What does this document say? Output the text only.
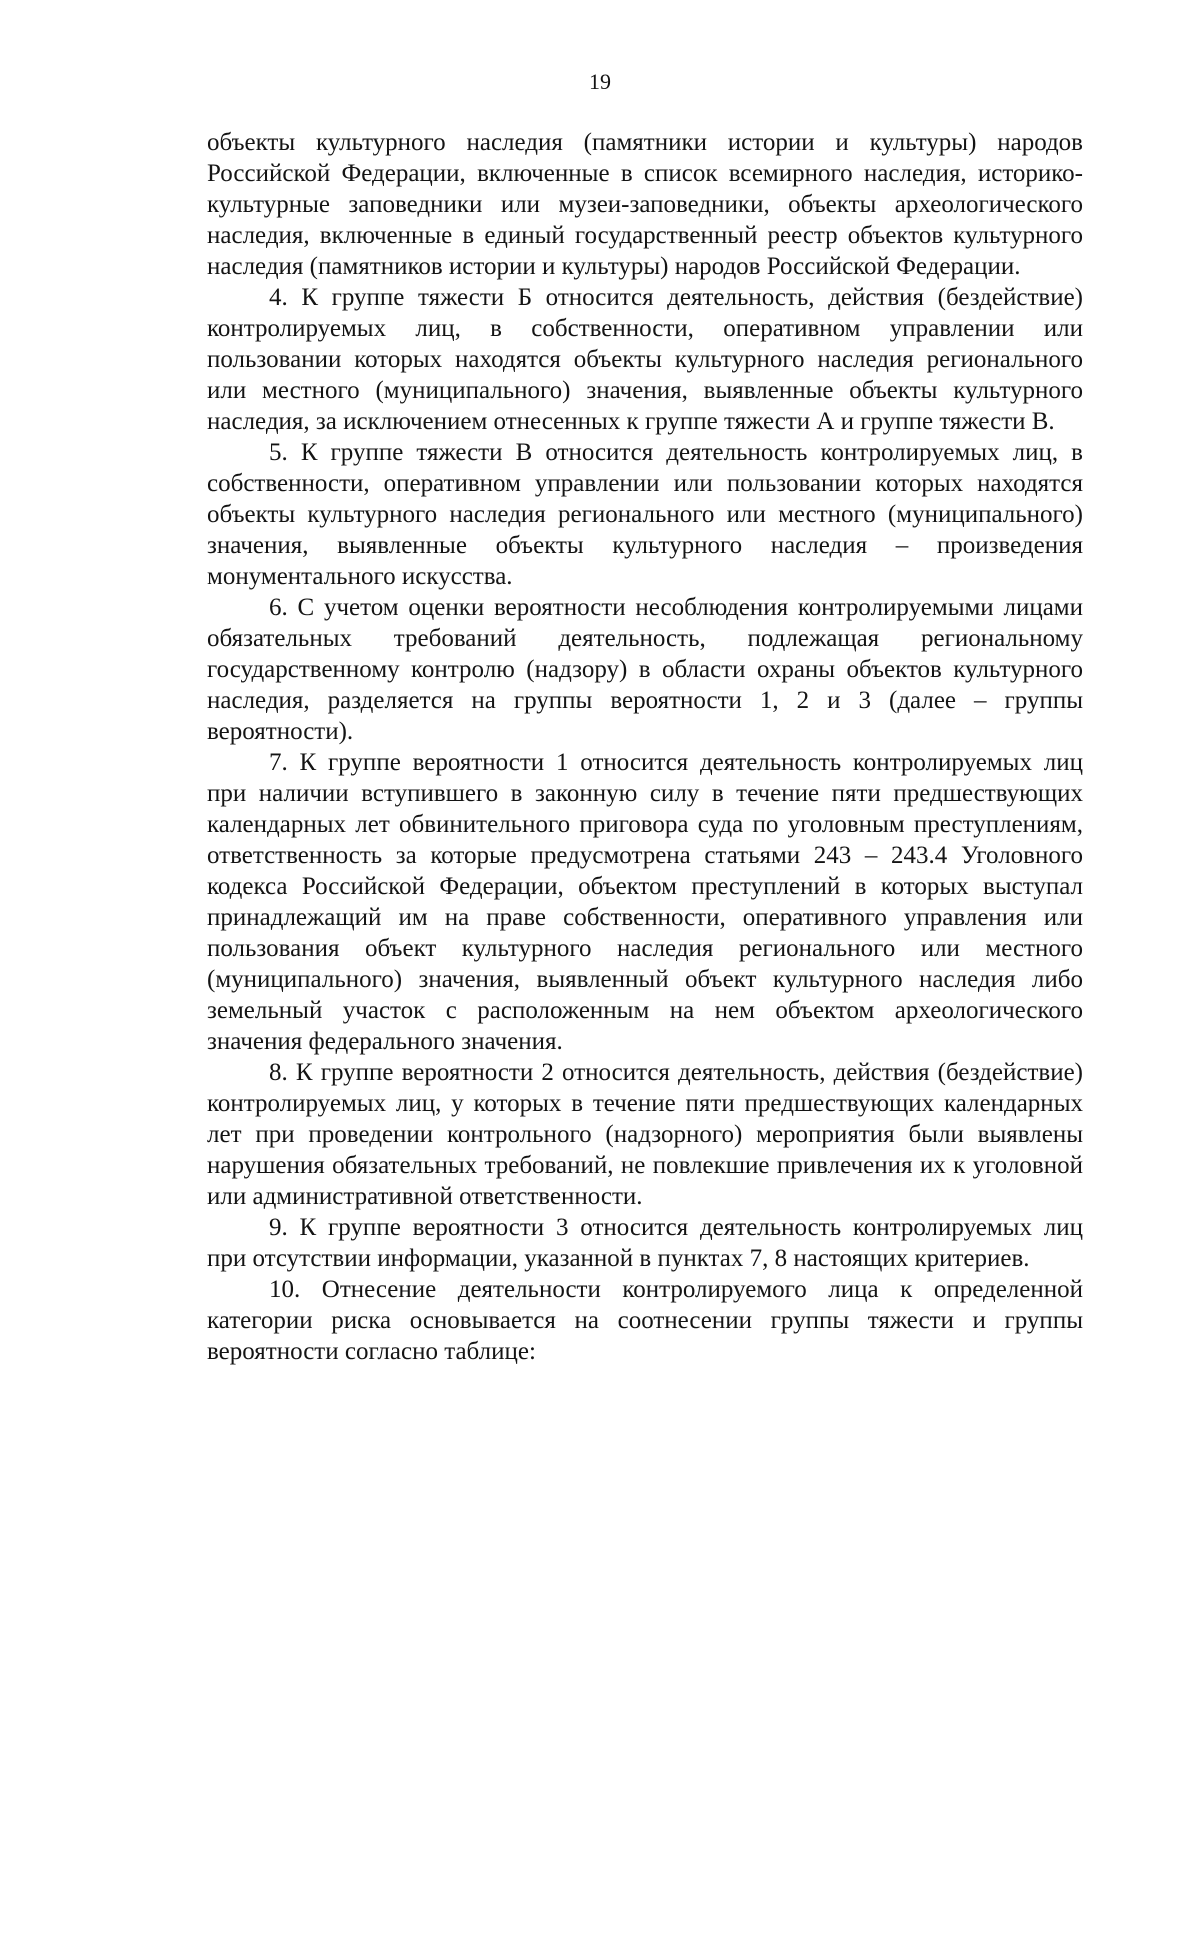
19

объекты культурного наследия (памятники истории и культуры) народов Российской Федерации, включенные в список всемирного наследия, историко-культурные заповедники или музеи-заповедники, объекты археологического наследия, включенные в единый государственный реестр объектов культурного наследия (памятников истории и культуры) народов Российской Федерации.

4. К группе тяжести Б относится деятельность, действия (бездействие) контролируемых лиц, в собственности, оперативном управлении или пользовании которых находятся объекты культурного наследия регионального или местного (муниципального) значения, выявленные объекты культурного наследия, за исключением отнесенных к группе тяжести А и группе тяжести В.

5. К группе тяжести В относится деятельность контролируемых лиц, в собственности, оперативном управлении или пользовании которых находятся объекты культурного наследия регионального или местного (муниципального) значения, выявленные объекты культурного наследия – произведения монументального искусства.

6. С учетом оценки вероятности несоблюдения контролируемыми лицами обязательных требований деятельность, подлежащая региональному государственному контролю (надзору) в области охраны объектов культурного наследия, разделяется на группы вероятности 1, 2 и 3 (далее – группы вероятности).

7. К группе вероятности 1 относится деятельность контролируемых лиц при наличии вступившего в законную силу в течение пяти предшествующих календарных лет обвинительного приговора суда по уголовным преступлениям, ответственность за которые предусмотрена статьями 243 – 243.4 Уголовного кодекса Российской Федерации, объектом преступлений в которых выступал принадлежащий им на праве собственности, оперативного управления или пользования объект культурного наследия регионального или местного (муниципального) значения, выявленный объект культурного наследия либо земельный участок с расположенным на нем объектом археологического значения федерального значения.

8. К группе вероятности 2 относится деятельность, действия (бездействие) контролируемых лиц, у которых в течение пяти предшествующих календарных лет при проведении контрольного (надзорного) мероприятия были выявлены нарушения обязательных требований, не повлекшие привлечения их к уголовной или административной ответственности.

9. К группе вероятности 3 относится деятельность контролируемых лиц при отсутствии информации, указанной в пунктах 7, 8 настоящих критериев.

10. Отнесение деятельности контролируемого лица к определенной категории риска основывается на соотнесении группы тяжести и группы вероятности согласно таблице:
